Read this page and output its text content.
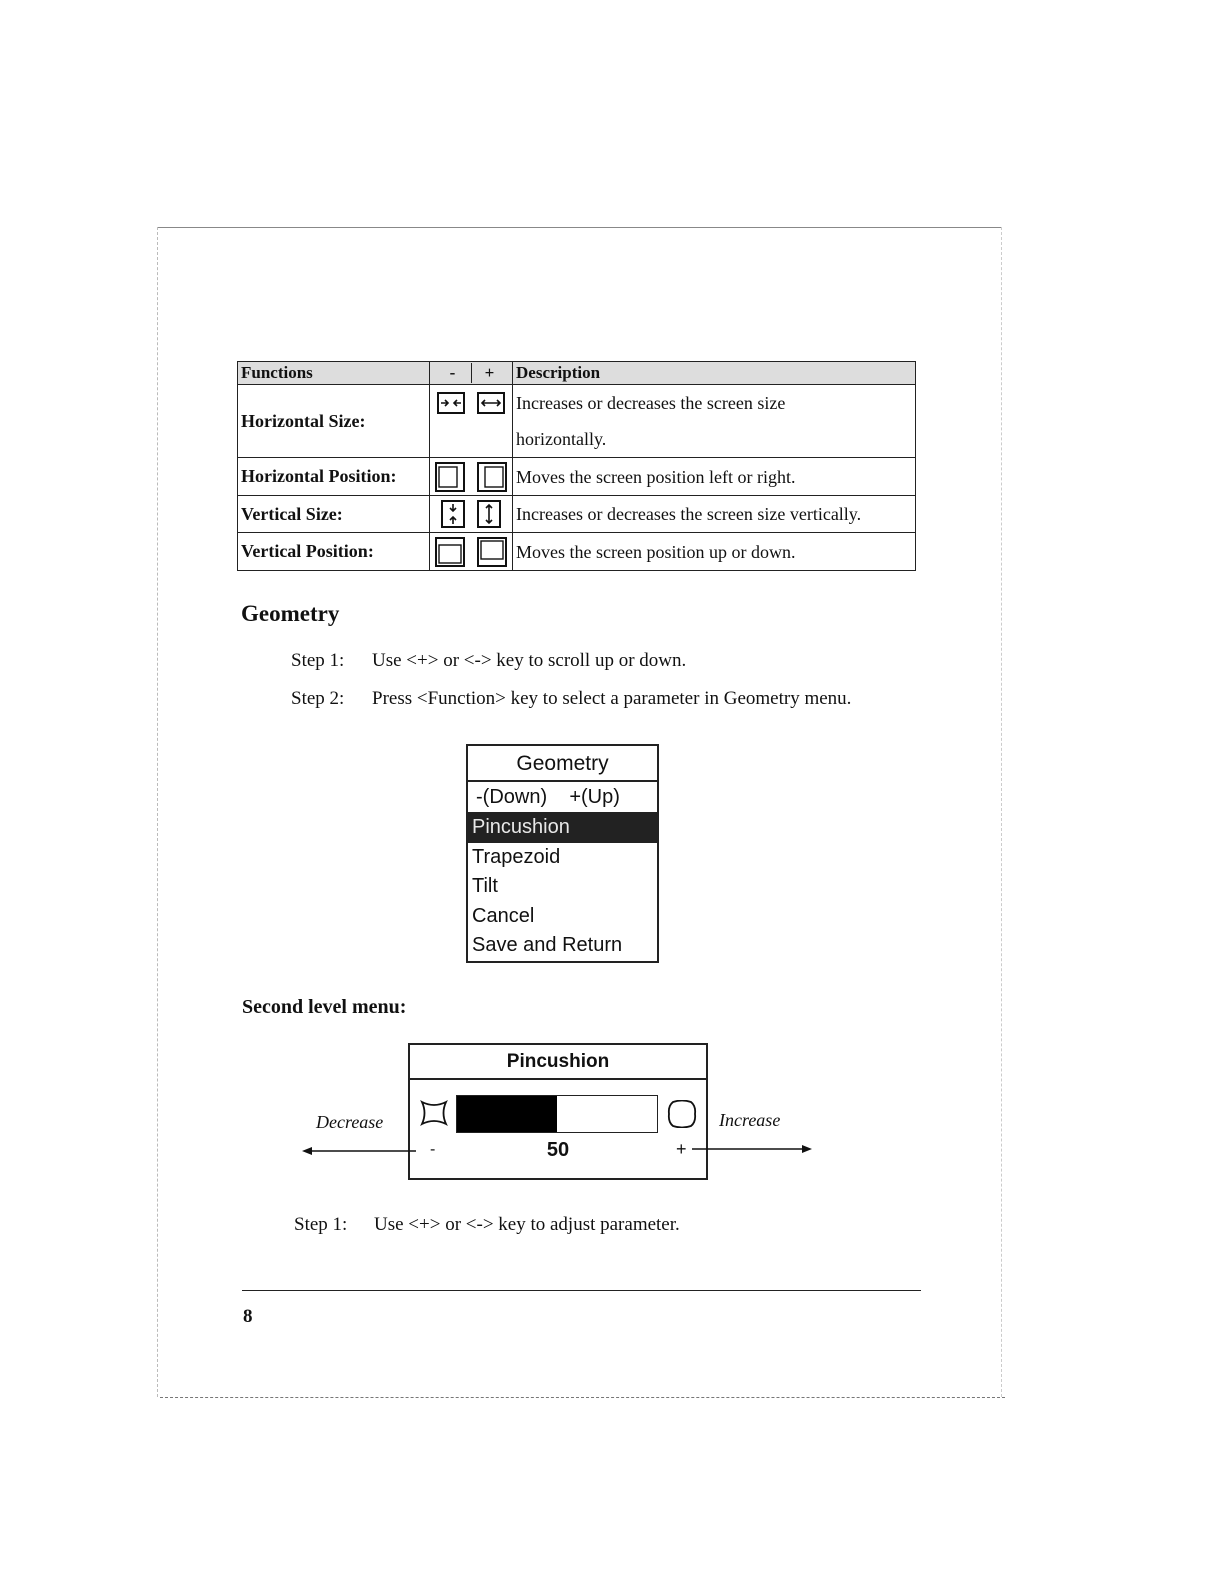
Functions	- +	Description
Horizontal Size:		Increases or decreases the screen size
horizontally.

Horizontal Position:		Moves the screen position left or right.
Vertical Size:		Increases or decreases the screen size vertically.
Vertical Position:		Moves the screen position up or down.
Geometry
Step 1: Use <+> or <-> key to scroll up or down.
Step 2: Press <Function> key to select a parameter in Geometry menu.
Geometry
-(Down)    +(Up)
Pincushion
Trapezoid
Tilt
Cancel
Save and Return
Second level menu:
Pincushion
-	50	+
Decrease	Increase
Step 1: Use <+> or <-> key to adjust parameter.
8
